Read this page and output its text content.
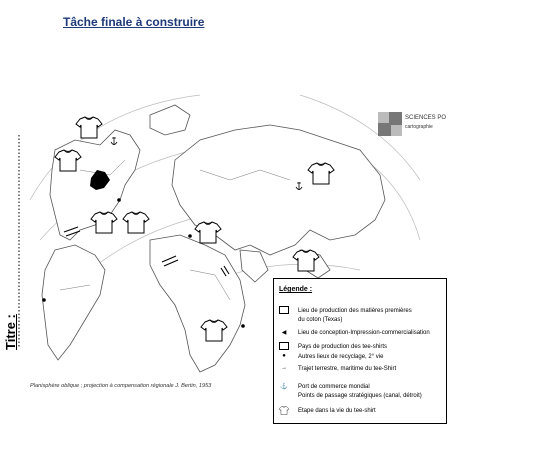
Tâche finale à construire
Titre :
Planisphère oblique ; projection à compensation régionale J. Bertin, 1953
SCIENCES PO
cartographie
Légende :
Lieu de production des matières premières
du coton (Texas)
◀ Lieu de conception-Impression-commercialisation
Pays de production des tee-shirts
● Autres lieux de recyclage, 2° vie
→ Trajet terrestre, maritime du tee-Shirt
⚓ Port de commerce mondial
Points de passage stratégiques (canal, détroit)
Etape dans la vie du tee-shirt
